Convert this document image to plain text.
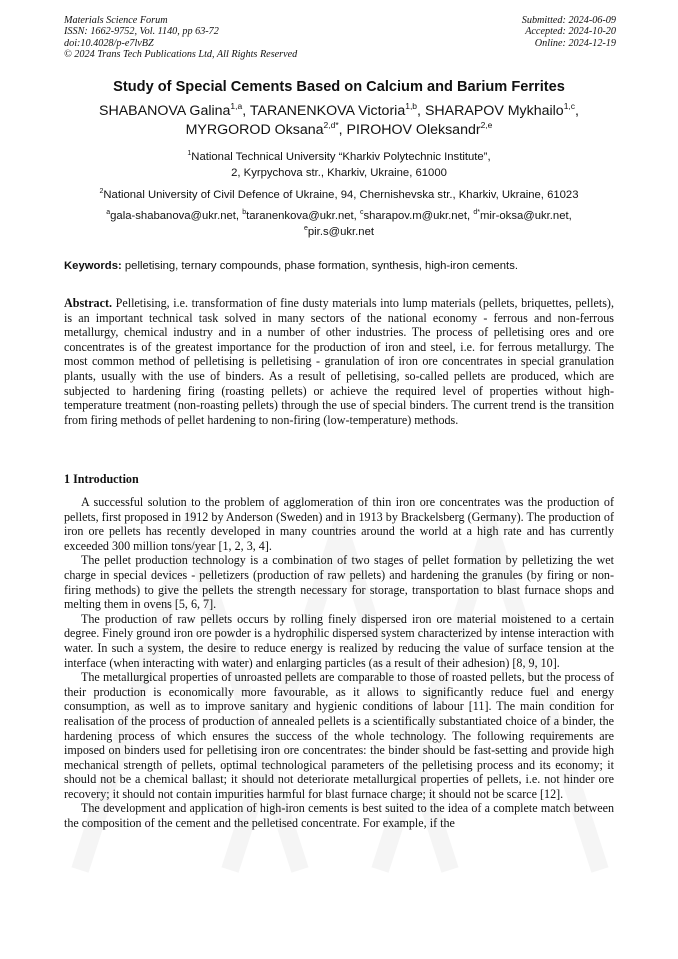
Materials Science Forum
ISSN: 1662-9752, Vol. 1140, pp 63-72
doi:10.4028/p-e7lvBZ
© 2024 Trans Tech Publications Ltd, All Rights Reserved
Submitted: 2024-06-09
Accepted: 2024-10-20
Online: 2024-12-19
Study of Special Cements Based on Calcium and Barium Ferrites
SHABANOVA Galina$^{1,a}$, TARANENKOVA Victoria$^{1,b}$, SHARAPOV Mykhailo$^{1,c}$,
MYRGOROD Oksana$^{2,d*}$, PIROHOV Oleksandr$^{2,e}$
$^1$National Technical University “Kharkiv Polytechnic Institute”,
2, Kyrpychova str., Kharkiv, Ukraine, 61000
$^2$National University of Civil Defence of Ukraine, 94, Chernishevska str., Kharkiv, Ukraine, 61023
$^a$gala-shabanova@ukr.net, $^b$taranenkova@ukr.net, $^c$sharapov.m@ukr.net, $^{d*}$mir-oksa@ukr.net,
$^e$pir.s@ukr.net
Keywords: pelletising, ternary compounds, phase formation, synthesis, high-iron cements.
Abstract. Pelletising, i.e. transformation of fine dusty materials into lump materials (pellets, briquettes, pellets), is an important technical task solved in many sectors of the national economy - ferrous and non-ferrous metallurgy, chemical industry and in a number of other industries. The process of pelletising ores and ore concentrates is of the greatest importance for the production of iron and steel, i.e. for ferrous metallurgy. The most common method of pelletising is pelletising - granulation of iron ore concentrates in special granulation plants, usually with the use of binders. As a result of pelletising, so-called pellets are produced, which are subjected to hardening firing (roasting pellets) or achieve the required level of properties without high-temperature treatment (non-roasting pellets) through the use of special binders. The current trend is the transition from firing methods of pellet hardening to non-firing (low-temperature) methods.
1 Introduction

A successful solution to the problem of agglomeration of thin iron ore concentrates was the production of pellets, first proposed in 1912 by Anderson (Sweden) and in 1913 by Brackelsberg (Germany). The production of iron ore pellets has recently developed in many countries around the world at a high rate and has currently exceeded 300 million tons/year [1, 2, 3, 4].

The pellet production technology is a combination of two stages of pellet formation by pelletizing the wet charge in special devices - pelletizers (production of raw pellets) and hardening the granules (by firing or non-firing methods) to give the pellets the strength necessary for storage, transportation to blast furnace shops and melting them in ovens [5, 6, 7].

The production of raw pellets occurs by rolling finely dispersed iron ore material moistened to a certain degree. Finely ground iron ore powder is a hydrophilic dispersed system characterized by intense interaction with water. In such a system, the desire to reduce energy is realized by reducing the value of surface tension at the interface (when interacting with water) and enlarging particles (as a result of their adhesion) [8, 9, 10].

The metallurgical properties of unroasted pellets are comparable to those of roasted pellets, but the process of their production is economically more favourable, as it allows to significantly reduce fuel and energy consumption, as well as to improve sanitary and hygienic conditions of labour [11]. The main condition for realisation of the process of production of annealed pellets is a scientifically substantiated choice of a binder, the hardening process of which ensures the success of the whole technology. The following requirements are imposed on binders used for pelletising iron ore concentrates: the binder should be fast-setting and provide high mechanical strength of pellets, optimal technological parameters of the pelletising process and its economy; it should not be a chemical ballast; it should not deteriorate metallurgical properties of pellets, i.e. not hinder ore recovery; it should not contain impurities harmful for blast furnace charge; it should not be scarce [12].

The development and application of high-iron cements is best suited to the idea of a complete match between the composition of the cement and the pelletised concentrate. For example, if the
